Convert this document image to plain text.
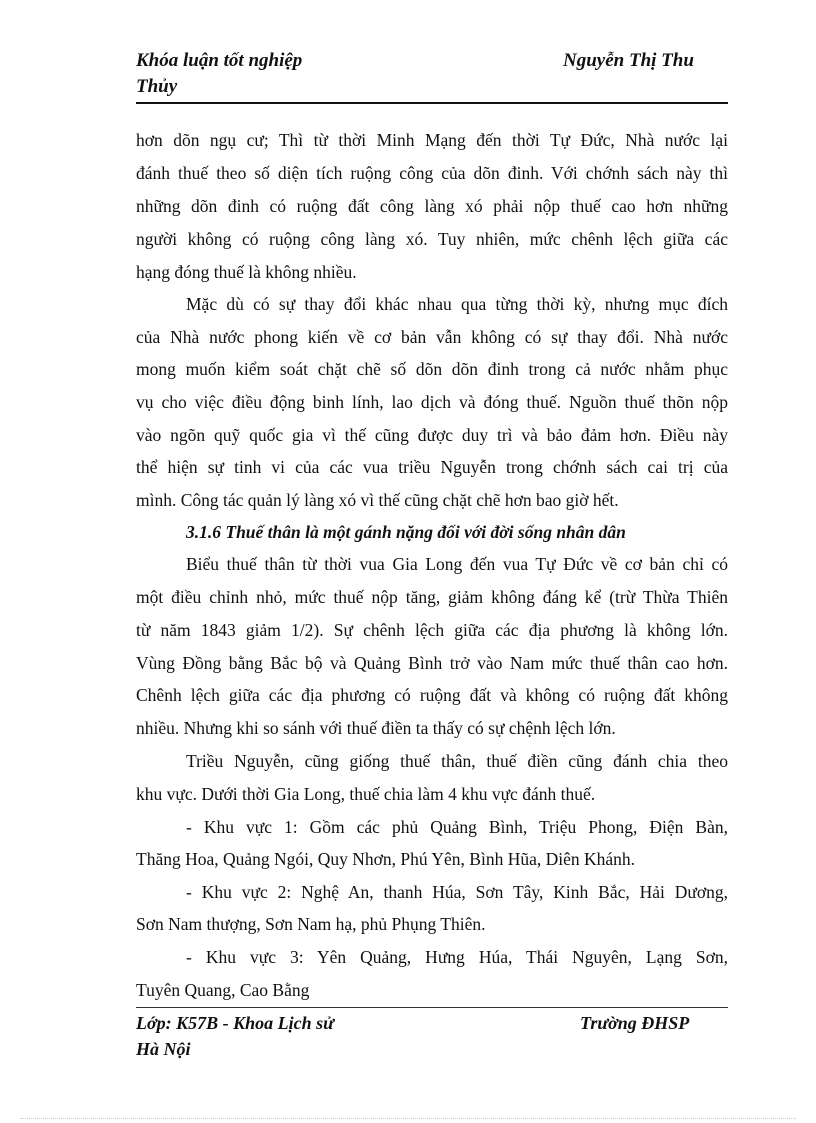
Khóa luận tốt nghiệp
Thủy
Nguyễn Thị Thu
hơn dõn ngụ cư; Thì từ thời Minh Mạng đến thời Tự Đức, Nhà nước lại
đánh thuế theo số diện tích ruộng công của dõn đinh. Với chớnh sách này thì
những dõn đinh có ruộng đất công làng xó phải nộp thuế cao hơn những
người không có ruộng công làng xó. Tuy nhiên, mức chênh lệch giữa các
hạng đóng thuế là không nhiều.
Mặc dù có sự thay đổi khác nhau qua từng thời kỳ, nhưng mục đích
của Nhà nước phong kiến về cơ bản vẫn không có sự thay đổi. Nhà nước
mong muốn kiểm soát chặt chẽ số dõn dõn đinh trong cả nước nhằm phục
vụ cho việc điều động binh lính, lao dịch và đóng thuế. Nguồn thuế thõn nộp
vào ngõn quỹ quốc gia vì thế cũng được duy trì và bảo đảm hơn. Điều này
thể hiện sự tinh vi của các vua triều Nguyễn trong chớnh sách cai trị của
mình. Công tác quản lý làng xó vì thế cũng chặt chẽ hơn bao giờ hết.
3.1.6 Thuế thân là một gánh nặng đối với đời sống nhân dân
Biểu thuế thân từ thời vua Gia Long đến vua Tự Đức về cơ bản chỉ có
một điều chỉnh nhỏ, mức thuế nộp tăng, giảm không đáng kể (trừ Thừa Thiên
từ năm 1843 giảm 1/2). Sự chênh lệch giữa các địa phương là không lớn.
Vùng Đồng bằng Bắc bộ và Quảng Bình trở vào Nam mức thuế thân cao hơn.
Chênh lệch giữa các địa phương có ruộng đất và không có ruộng đất không
nhiều. Nhưng khi so sánh với thuế điền ta thấy có sự chệnh lệch lớn.
Triều Nguyễn, cũng giống thuế thân, thuế điền cũng đánh chia theo
khu vực. Dưới thời Gia Long, thuế chia làm 4 khu vực đánh thuế.
- Khu vực 1: Gồm các phủ Quảng Bình, Triệu Phong, Điện Bàn,
Thăng Hoa, Quảng Ngói, Quy Nhơn, Phú Yên, Bình Hũa, Diên Khánh.
- Khu vực 2: Nghệ An, thanh Húa, Sơn Tây, Kinh Bắc, Hải Dương,
Sơn Nam thượng, Sơn Nam hạ, phủ Phụng Thiên.
- Khu vực 3: Yên Quảng, Hưng Húa, Thái Nguyên, Lạng Sơn,
Tuyên Quang, Cao Bằng
Lớp: K57B - Khoa Lịch sử
Hà Nội
Trường ĐHSP
